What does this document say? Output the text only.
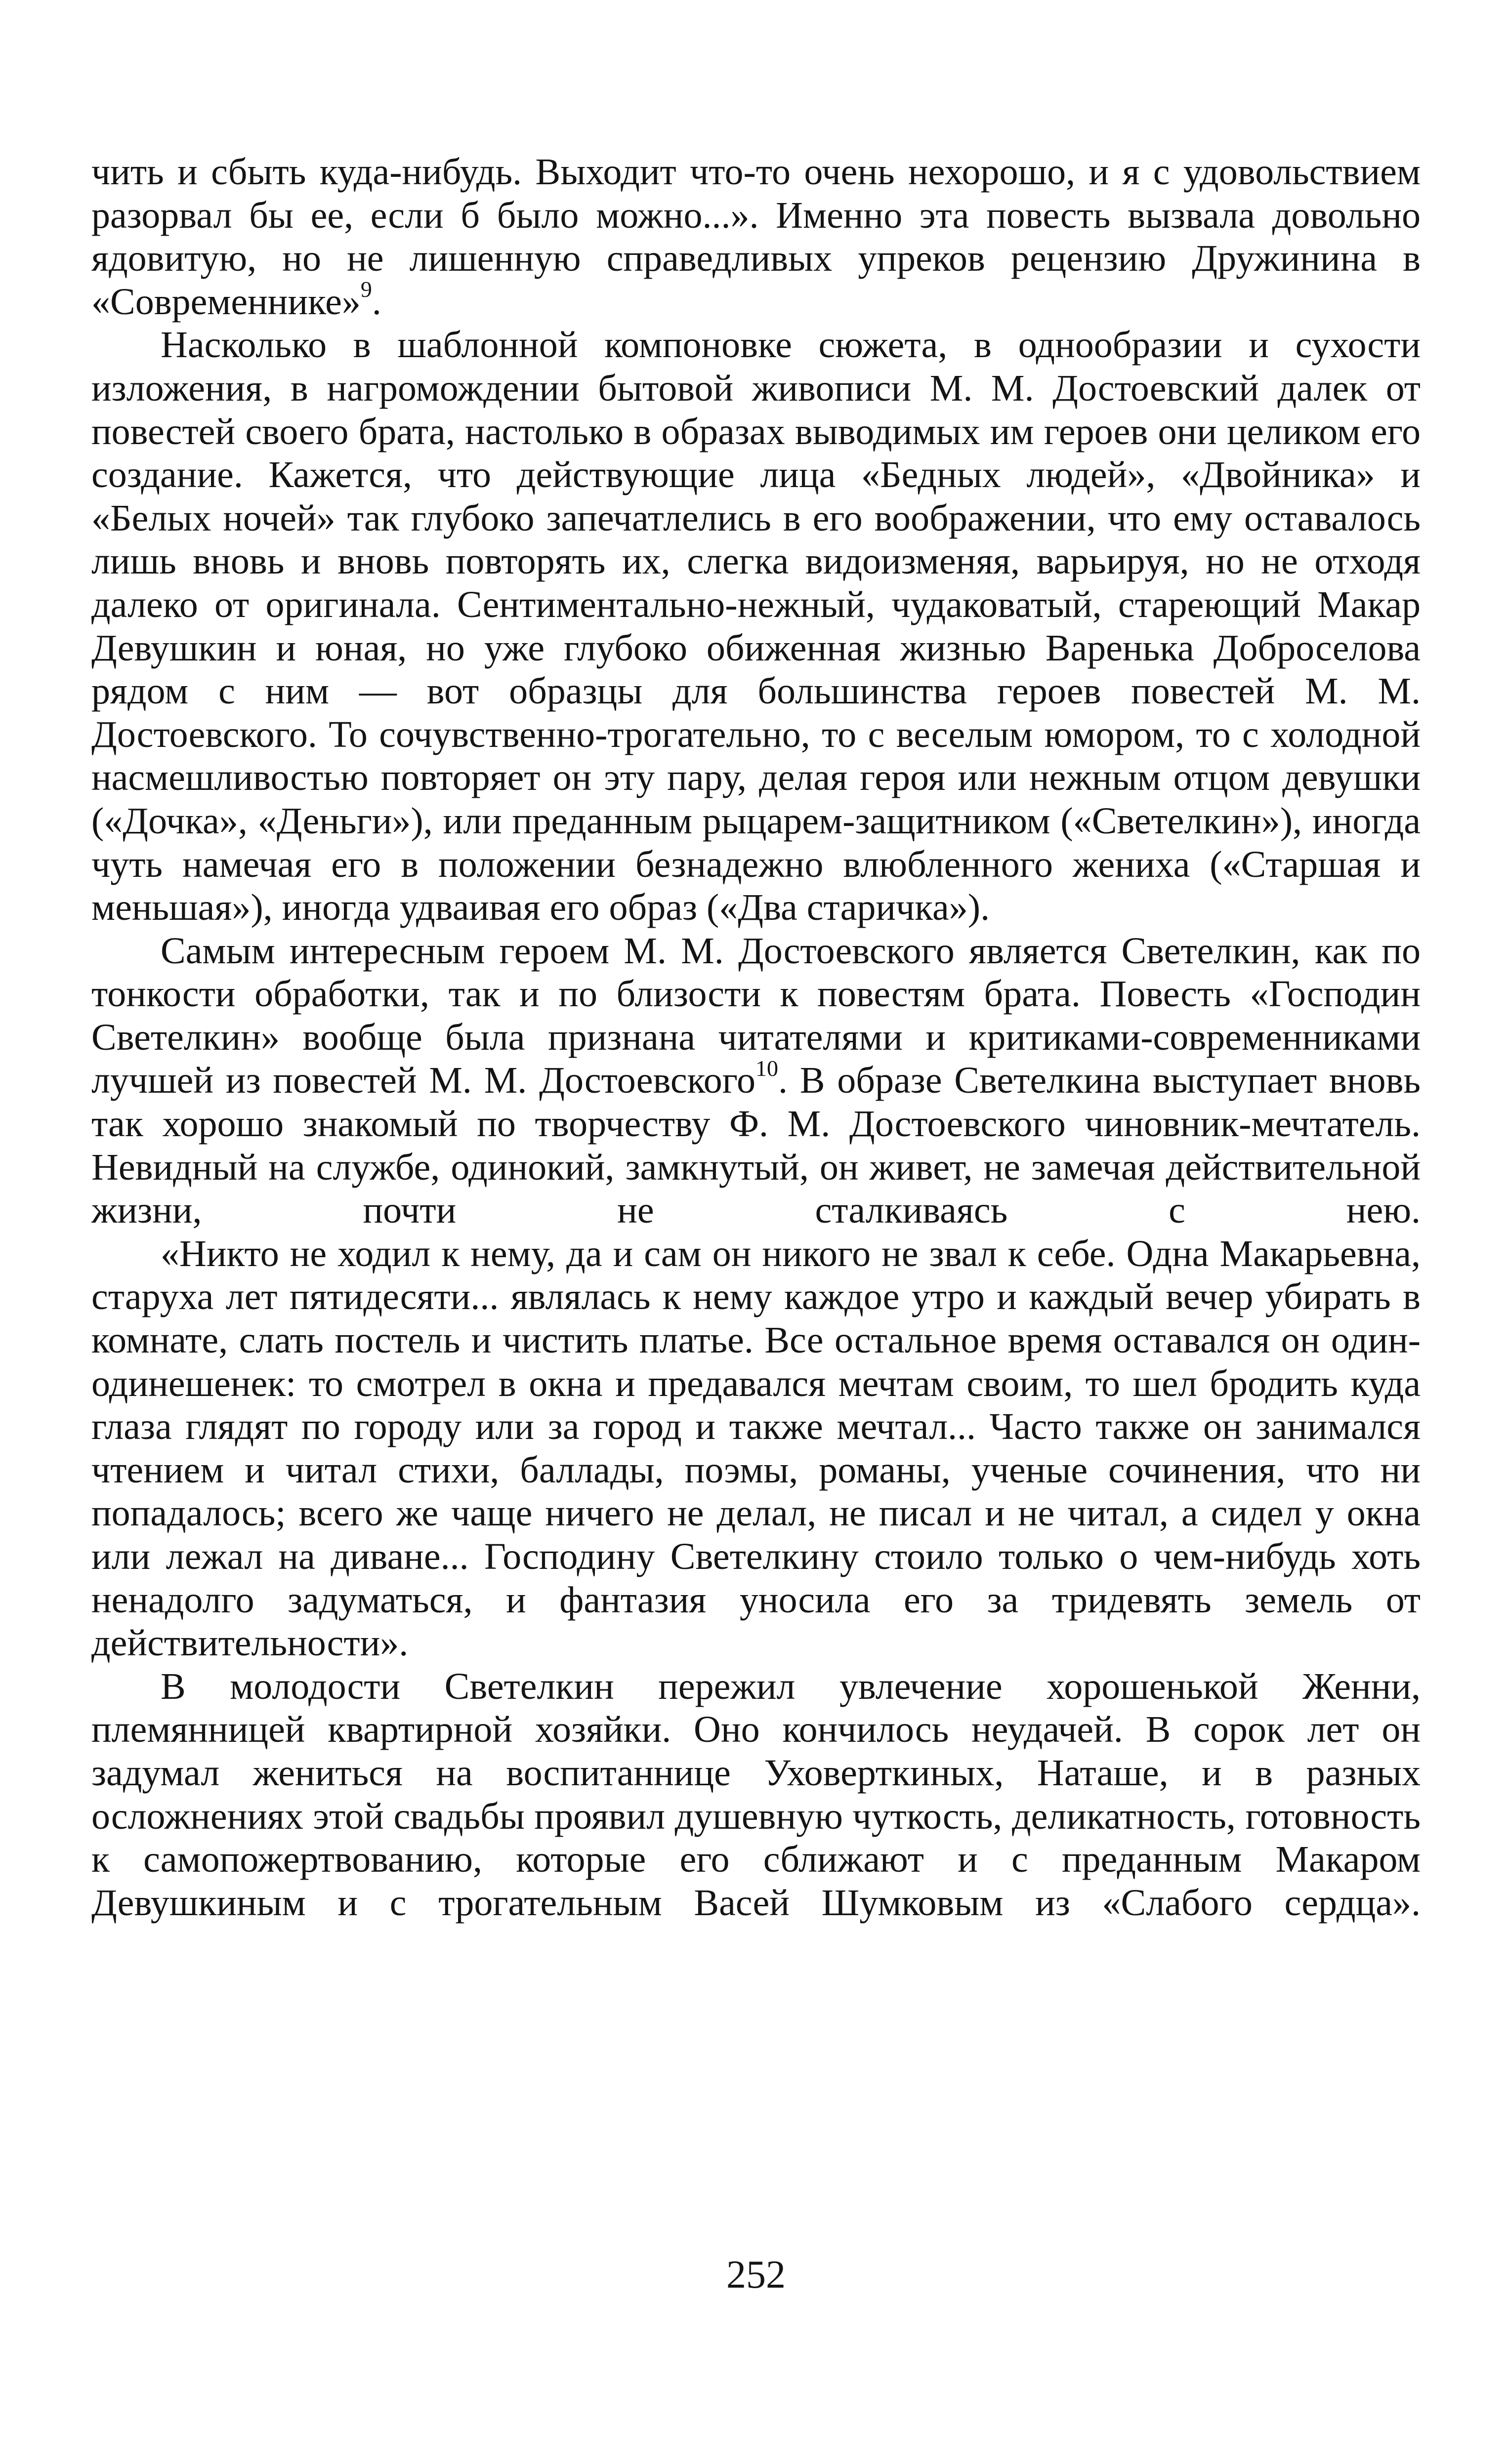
чить и сбыть куда-нибудь. Выходит что-то очень нехорошо, и я с удовольствием разорвал бы ее, если б было можно...». Именно эта повесть вызвала довольно ядовитую, но не лишенную справедливых упреков рецензию Дружинина в «Современнике»$^9$.

Насколько в шаблонной компоновке сюжета, в однообразии и сухости изложения, в нагромождении бытовой живописи М. М. Достоевский далек от повестей своего брата, настолько в образах выводимых им героев они целиком его создание. Кажется, что действующие лица «Бедных людей», «Двойника» и «Белых ночей» так глубоко запечатлелись в его воображении, что ему оставалось лишь вновь и вновь повторять их, слегка видоизменяя, варьируя, но не отходя далеко от оригинала. Сентиментально-нежный, чудаковатый, стареющий Макар Девушкин и юная, но уже глубоко обиженная жизнью Варенька Доброселова рядом с ним — вот образцы для большинства героев повестей М. М. Достоевского. То сочувственно-трогательно, то с веселым юмором, то с холодной насмешливостью повторяет он эту пару, делая героя или нежным отцом девушки («Дочка», «Деньги»), или преданным рыцарем-защитником («Светелкин»), иногда чуть намечая его в положении безнадежно влюбленного жениха («Старшая и меньшая»), иногда удваивая его образ («Два старичка»).

Самым интересным героем М. М. Достоевского является Светелкин, как по тонкости обработки, так и по близости к повестям брата. Повесть «Господин Светелкин» вообще была признана читателями и критиками-современниками лучшей из повестей М. М. Достоевского$^{10}$. В образе Светелкина выступает вновь так хорошо знакомый по творчеству Ф. М. Достоевского чиновник-мечтатель. Невидный на службе, одинокий, замкнутый, он живет, не замечая действительной жизни, почти не сталкиваясь с нею.

«Никто не ходил к нему, да и сам он никого не звал к себе. Одна Макарьевна, старуха лет пятидесяти... являлась к нему каждое утро и каждый вечер убирать в комнате, слать постель и чистить платье. Все остальное время оставался он один-одинешенек: то смотрел в окна и предавался мечтам своим, то шел бродить куда глаза глядят по городу или за город и также мечтал... Часто также он занимался чтением и читал стихи, баллады, поэмы, романы, ученые сочинения, что ни попадалось; всего же чаще ничего не делал, не писал и не читал, а сидел у окна или лежал на диване... Господину Светелкину стоило только о чем-нибудь хоть ненадолго задуматься, и фантазия уносила его за тридевять земель от действительности».

В молодости Светелкин пережил увлечение хорошенькой Женни, племянницей квартирной хозяйки. Оно кончилось неудачей. В сорок лет он задумал жениться на воспитаннице Уховерткиных, Наташе, и в разных осложнениях этой свадьбы проявил душевную чуткость, деликатность, готовность к самопожертвованию, которые его сближают и с преданным Макаром Девушкиным и с трогательным Васей Шумковым из «Слабого сердца».

252
